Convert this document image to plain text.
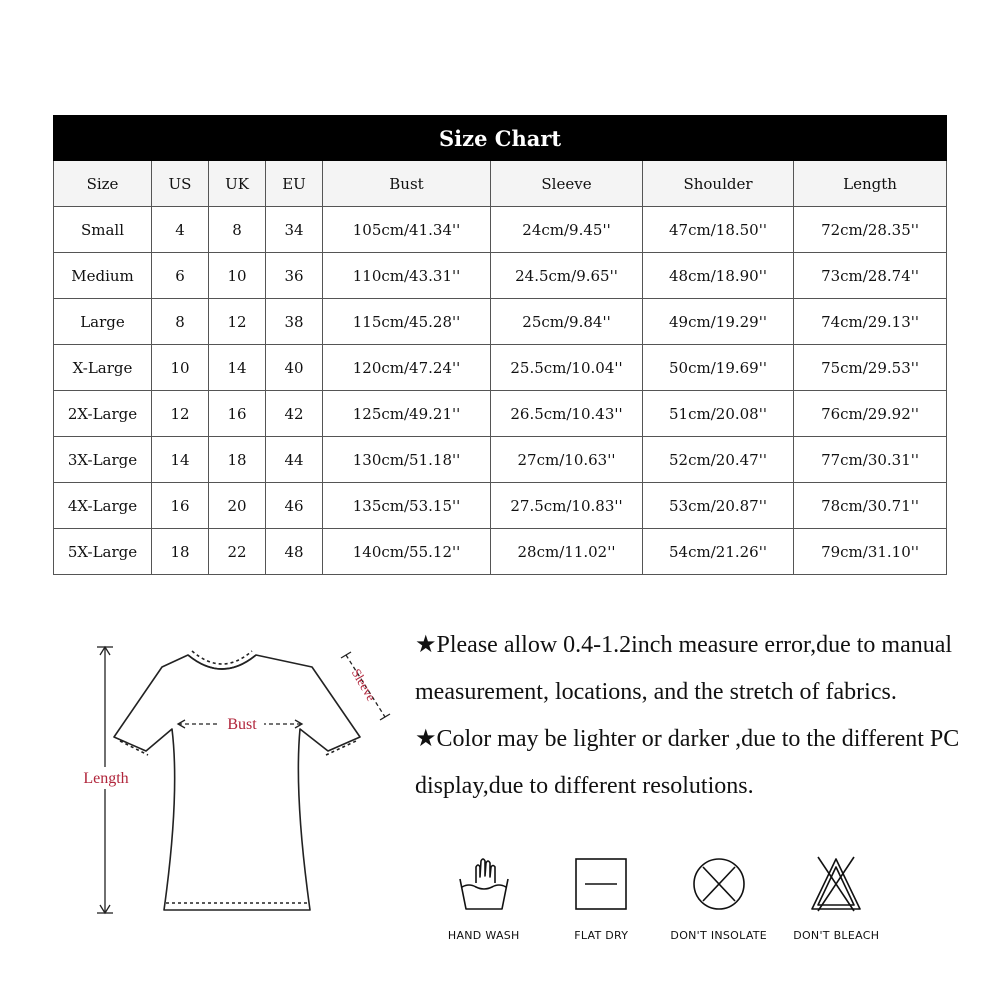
Size Chart							
Size	US	UK	EU	Bust	Sleeve	Shoulder	Length
Small	4	8	34	105cm/41.34''	24cm/9.45''	47cm/18.50''	72cm/28.35''
Medium	6	10	36	110cm/43.31''	24.5cm/9.65''	48cm/18.90''	73cm/28.74''
Large	8	12	38	115cm/45.28''	25cm/9.84''	49cm/19.29''	74cm/29.13''
X-Large	10	14	40	120cm/47.24''	25.5cm/10.04''	50cm/19.69''	75cm/29.53''
2X-Large	12	16	42	125cm/49.21''	26.5cm/10.43''	51cm/20.08''	76cm/29.92''
3X-Large	14	18	44	130cm/51.18''	27cm/10.63''	52cm/20.47''	77cm/30.31''
4X-Large	16	20	46	135cm/53.15''	27.5cm/10.83''	53cm/20.87''	78cm/30.71''
5X-Large	18	22	48	140cm/55.12''	28cm/11.02''	54cm/21.26''	79cm/31.10''
Length
Bust
Sleeve

★Please allow 0.4-1.2inch measure error,due to manual measurement, locations, and the stretch of fabrics.

★Color may be lighter or darker ,due to the different PC display,due to different resolutions.

HAND WASH	FLAT DRY	DON'T INSOLATE	DON'T BLEACH
